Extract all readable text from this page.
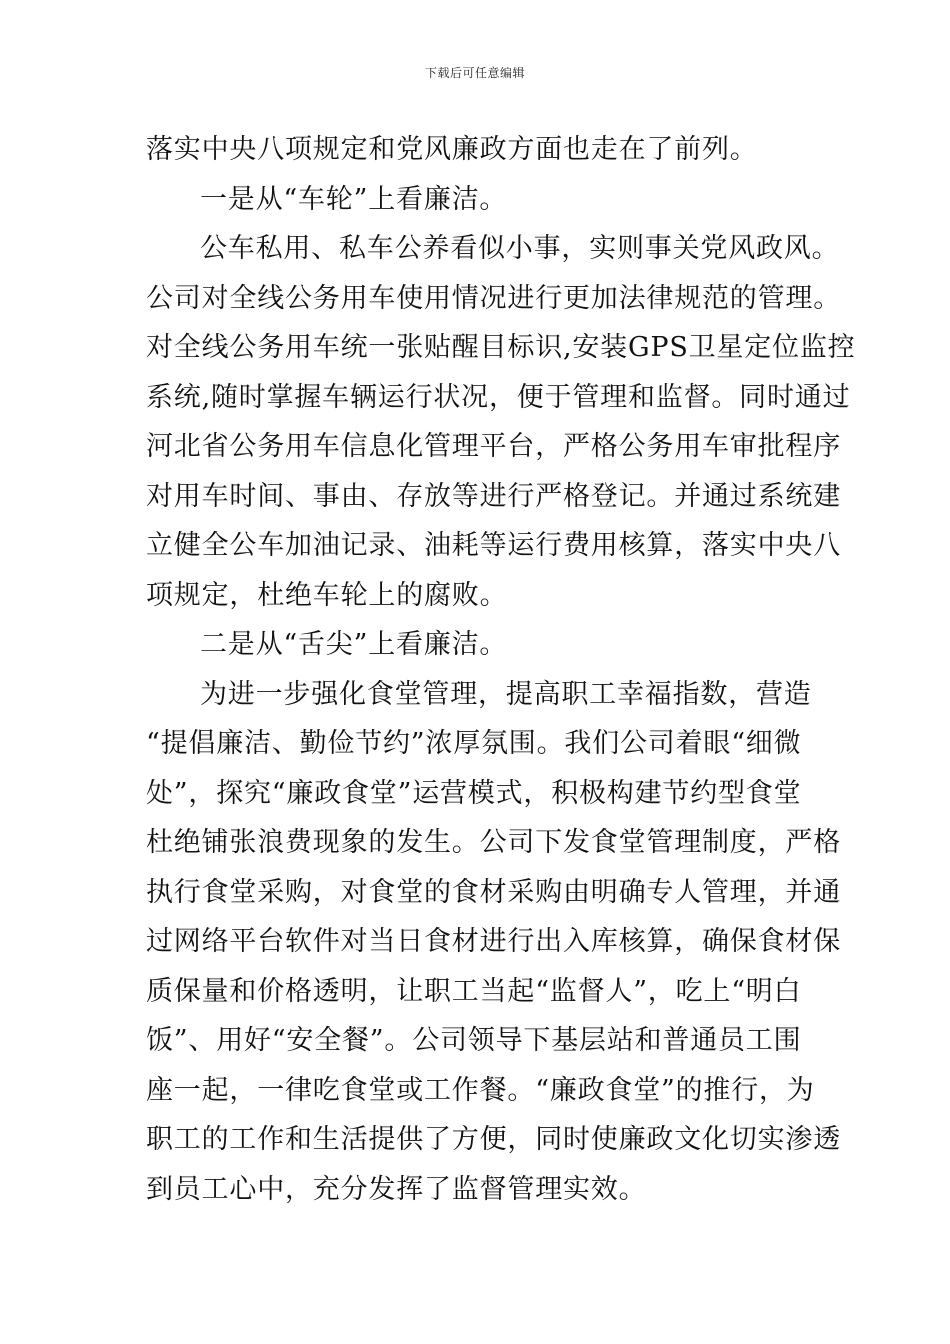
下载后可任意编辑
落实中央八项规定和党风廉政方面也走在了前列。
一是从“车轮”上看廉洁。
公车私用、私车公养看似小事，实则事关党风政风。
公司对全线公务用车使用情况进行更加法律规范的管理。
对全线公务用车统一张贴醒目标识,安装GPS卫星定位监控
系统,随时掌握车辆运行状况，便于管理和监督。同时通过
河北省公务用车信息化管理平台，严格公务用车审批程序
对用车时间、事由、存放等进行严格登记。并通过系统建
立健全公车加油记录、油耗等运行费用核算，落实中央八
项规定，杜绝车轮上的腐败。
二是从“舌尖”上看廉洁。
为进一步强化食堂管理，提高职工幸福指数，营造
“提倡廉洁、勤俭节约”浓厚氛围。我们公司着眼“细微
处”，探究“廉政食堂”运营模式，积极构建节约型食堂
杜绝铺张浪费现象的发生。公司下发食堂管理制度，严格
执行食堂采购，对食堂的食材采购由明确专人管理，并通
过网络平台软件对当日食材进行出入库核算，确保食材保
质保量和价格透明，让职工当起“监督人”，吃上“明白
饭”、用好“安全餐”。公司领导下基层站和普通员工围
座一起，一律吃食堂或工作餐。“廉政食堂”的推行，为
职工的工作和生活提供了方便，同时使廉政文化切实渗透
到员工心中，充分发挥了监督管理实效。
